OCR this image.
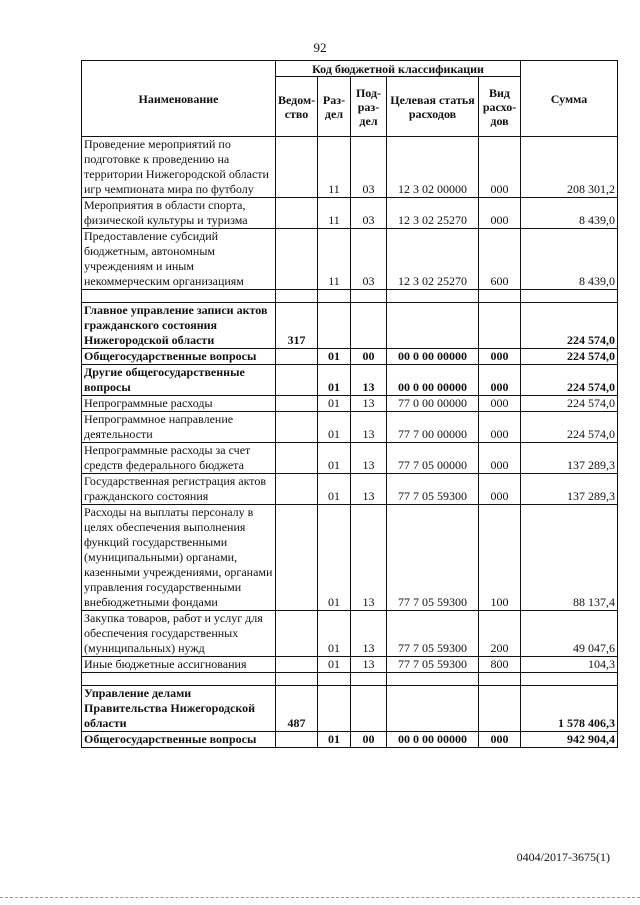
92
Наименование	Код бюджетной классификации					Сумма
	Ведом-ство	Раз-дел	Под-раз-дел	Целевая статья расходов	Вид расхо-дов	
Проведение мероприятий по подготовке к проведению на территории Нижегородской области игр чемпионата мира по футболу		11	03	12 3 02 00000	000	208 301,2
Мероприятия в области спорта, физической культуры и туризма		11	03	12 3 02 25270	000	8 439,0
Предоставление субсидий бюджетным, автономным учреждениям и иным некоммерческим организациям		11	03	12 3 02 25270	600	8 439,0

Главное управление записи актов гражданского состояния Нижегородской области	317					224 574,0
Общегосударственные вопросы		01	00	00 0 00 00000	000	224 574,0
Другие общегосударственные вопросы		01	13	00 0 00 00000	000	224 574,0
Непрограммные расходы		01	13	77 0 00 00000	000	224 574,0
Непрограммное направление деятельности		01	13	77 7 00 00000	000	224 574,0
Непрограммные расходы за счет средств федерального бюджета		01	13	77 7 05 00000	000	137 289,3
Государственная регистрация актов гражданского состояния		01	13	77 7 05 59300	000	137 289,3
Расходы на выплаты персоналу в целях обеспечения выполнения функций государственными (муниципальными) органами, казенными учреждениями, органами управления государственными внебюджетными фондами		01	13	77 7 05 59300	100	88 137,4
Закупка товаров, работ и услуг для обеспечения государственных (муниципальных) нужд		01	13	77 7 05 59300	200	49 047,6
Иные бюджетные ассигнования		01	13	77 7 05 59300	800	104,3

Управление делами Правительства Нижегородской области	487					1 578 406,3
Общегосударственные вопросы		01	00	00 0 00 00000	000	942 904,4
0404/2017-3675(1)
